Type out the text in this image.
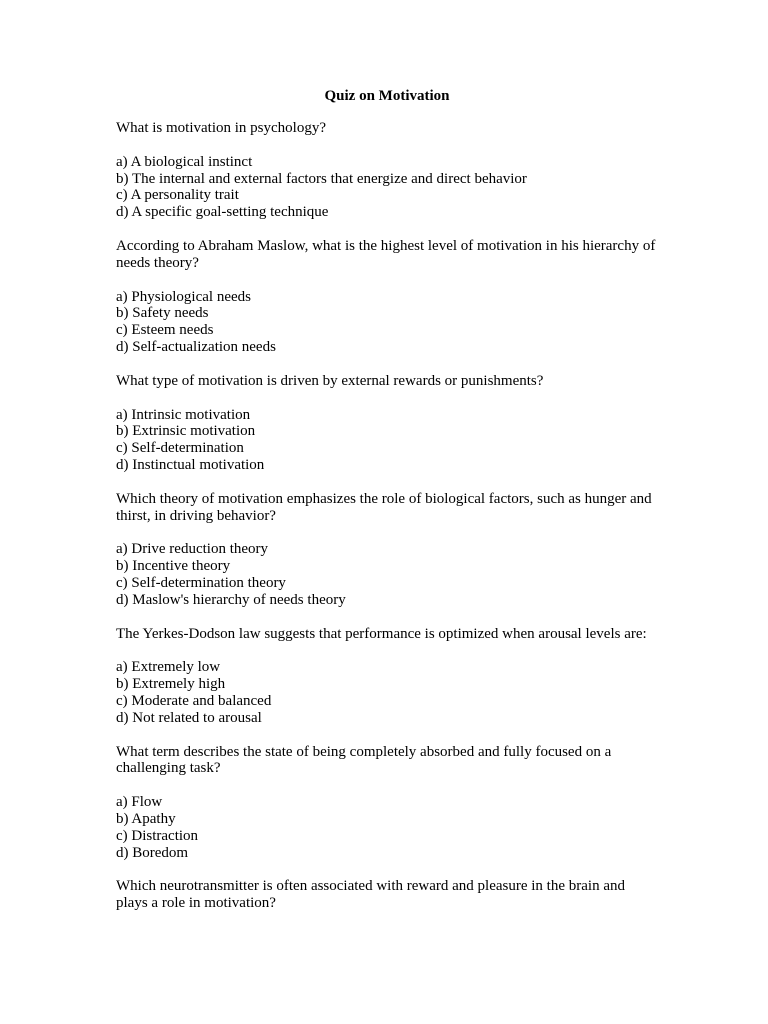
Quiz on Motivation

What is motivation in psychology?

a) A biological instinct
b) The internal and external factors that energize and direct behavior
c) A personality trait
d) A specific goal-setting technique

According to Abraham Maslow, what is the highest level of motivation in his hierarchy of needs theory?

a) Physiological needs
b) Safety needs
c) Esteem needs
d) Self-actualization needs

What type of motivation is driven by external rewards or punishments?

a) Intrinsic motivation
b) Extrinsic motivation
c) Self-determination
d) Instinctual motivation

Which theory of motivation emphasizes the role of biological factors, such as hunger and thirst, in driving behavior?

a) Drive reduction theory
b) Incentive theory
c) Self-determination theory
d) Maslow's hierarchy of needs theory

The Yerkes-Dodson law suggests that performance is optimized when arousal levels are:

a) Extremely low
b) Extremely high
c) Moderate and balanced
d) Not related to arousal

What term describes the state of being completely absorbed and fully focused on a challenging task?

a) Flow
b) Apathy
c) Distraction
d) Boredom

Which neurotransmitter is often associated with reward and pleasure in the brain and plays a role in motivation?
